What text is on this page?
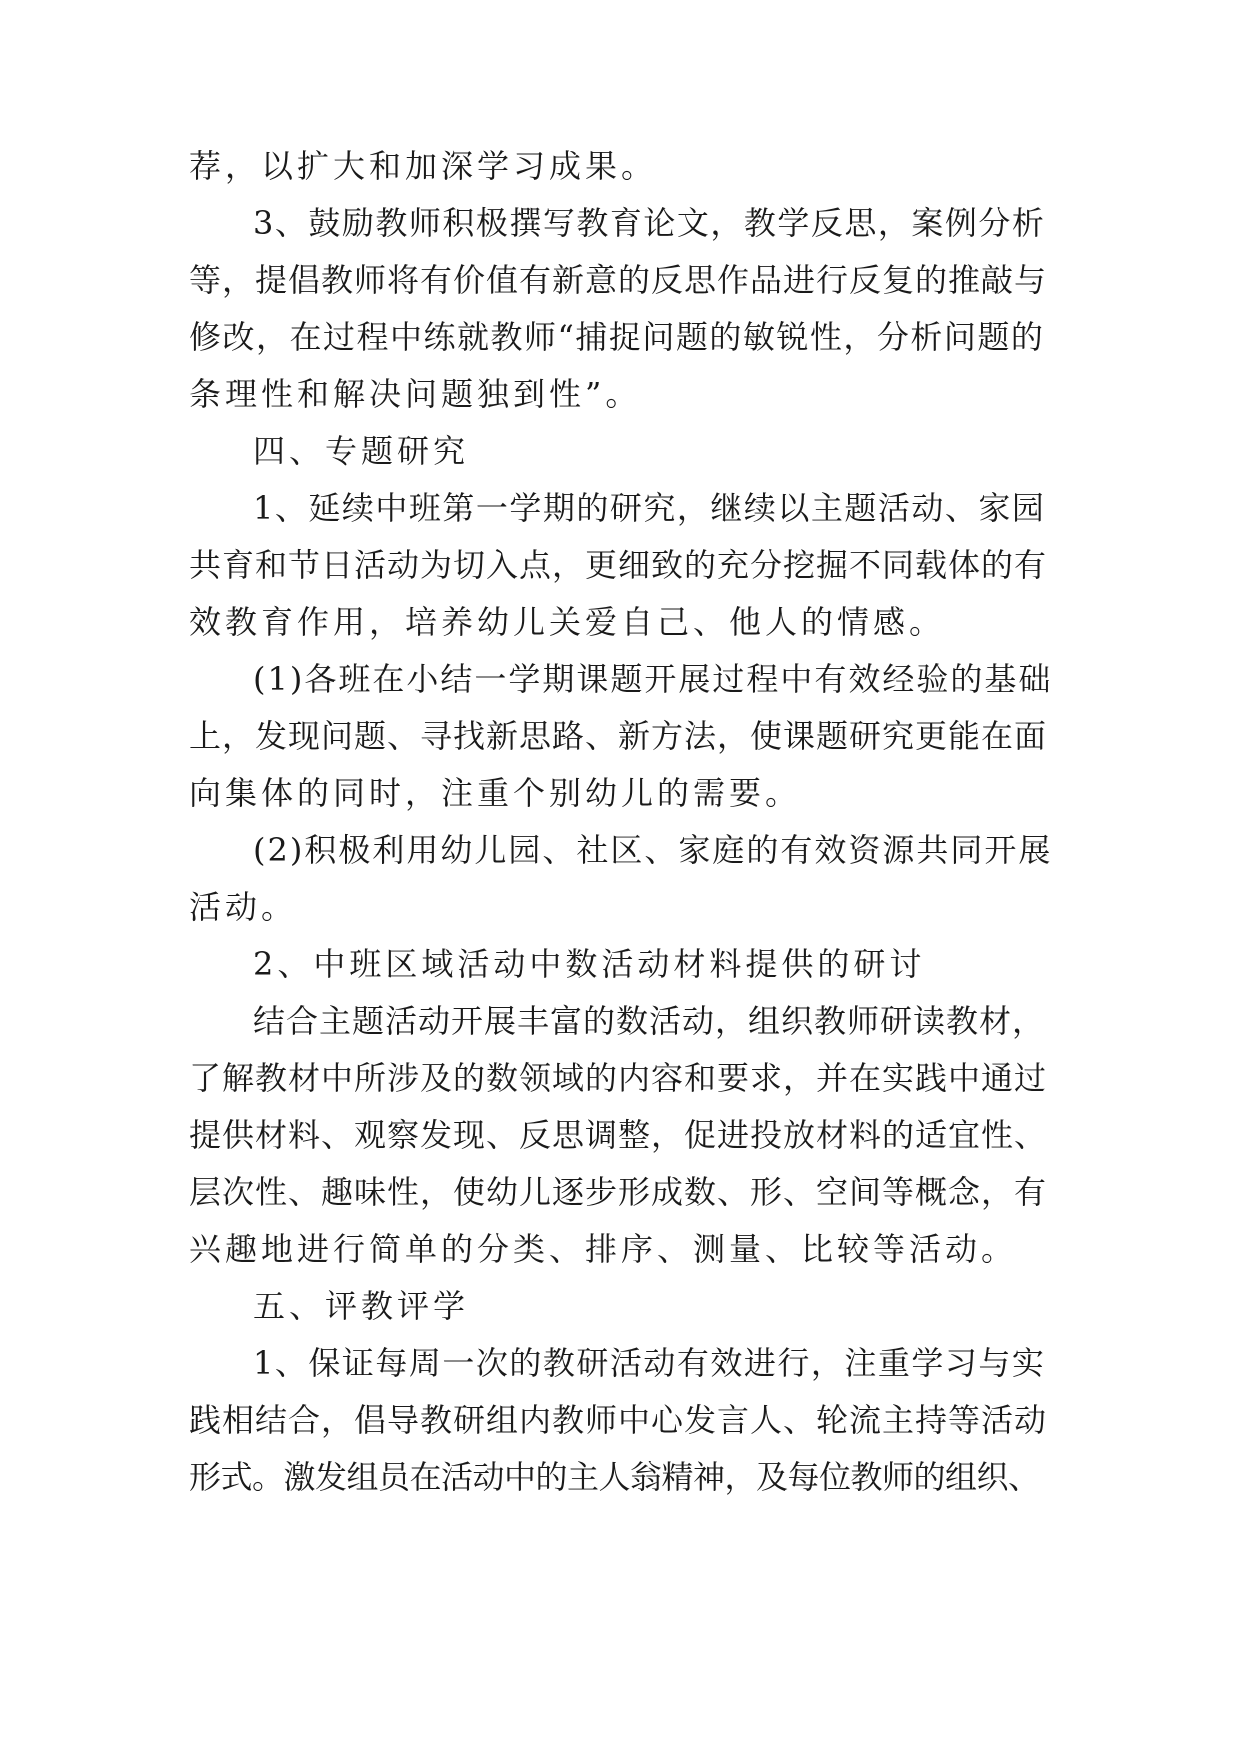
荐，以扩大和加深学习成果。
3、鼓励教师积极撰写教育论文，教学反思，案例分析
等，提倡教师将有价值有新意的反思作品进行反复的推敲与
修改，在过程中练就教师“捕捉问题的敏锐性，分析问题的
条理性和解决问题独到性”。
四、专题研究
1、延续中班第一学期的研究，继续以主题活动、家园
共育和节日活动为切入点，更细致的充分挖掘不同载体的有
效教育作用，培养幼儿关爱自己、他人的情感。
(1)各班在小结一学期课题开展过程中有效经验的基础
上，发现问题、寻找新思路、新方法，使课题研究更能在面
向集体的同时，注重个别幼儿的需要。
(2)积极利用幼儿园、社区、家庭的有效资源共同开展
活动。
2、中班区域活动中数活动材料提供的研讨
结合主题活动开展丰富的数活动，组织教师研读教材，
了解教材中所涉及的数领域的内容和要求，并在实践中通过
提供材料、观察发现、反思调整，促进投放材料的适宜性、
层次性、趣味性，使幼儿逐步形成数、形、空间等概念，有
兴趣地进行简单的分类、排序、测量、比较等活动。
五、评教评学
1、保证每周一次的教研活动有效进行，注重学习与实
践相结合，倡导教研组内教师中心发言人、轮流主持等活动
形式。激发组员在活动中的主人翁精神，及每位教师的组织、
